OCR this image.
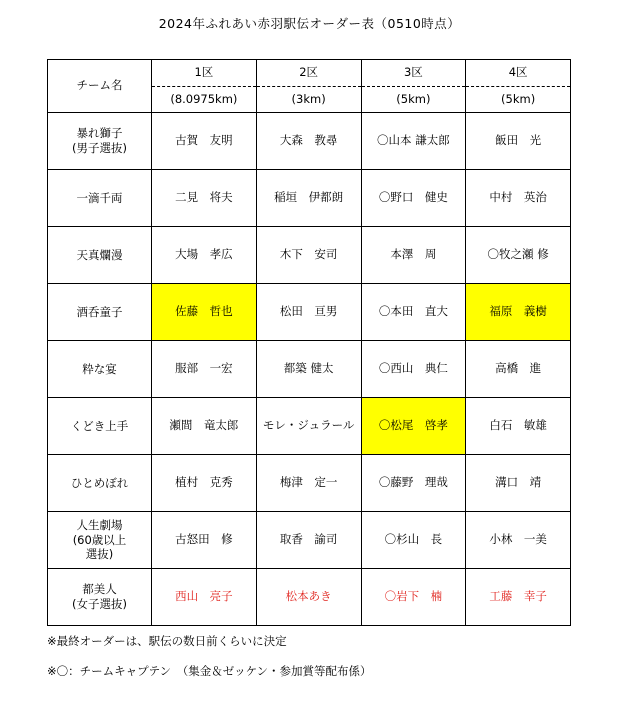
2024年ふれあい赤羽駅伝オーダー表（0510時点）
チーム名	1区	2区	3区	4区
	(8.0975km)	(3km)	(5km)	(5km)
暴れ獅子
(男子選抜)	古賀　友明	大森　教尋	〇山本 謙太郎	飯田　光
一滴千両	二見　将夫	稲垣　伊都朗	〇野口　健史	中村　英治
天真爛漫	大場　孝広	木下　安司	本澤　周	〇牧之瀬 修
酒呑童子	佐藤　哲也	松田　亘男	〇本田　直大	福原　義樹
粋な宴	服部　一宏	都築 健太	〇西山　典仁	高橋　進
くどき上手	瀬間　竜太郎	モレ・ジュラール	〇松尾　啓孝	白石　敏雄
ひとめぼれ	植村　克秀	梅津　定一	〇藤野　理哉	溝口　靖
人生劇場
(60歳以上
選抜)	古怒田　修	取香　諭司	〇杉山　長	小林　一美
都美人
(女子選抜)	西山　亮子	松本あき	〇岩下　楠	工藤　幸子
※最終オーダーは、駅伝の数日前くらいに決定
※〇：チームキャプテン　（集金＆ゼッケン・参加賞等配布係）
